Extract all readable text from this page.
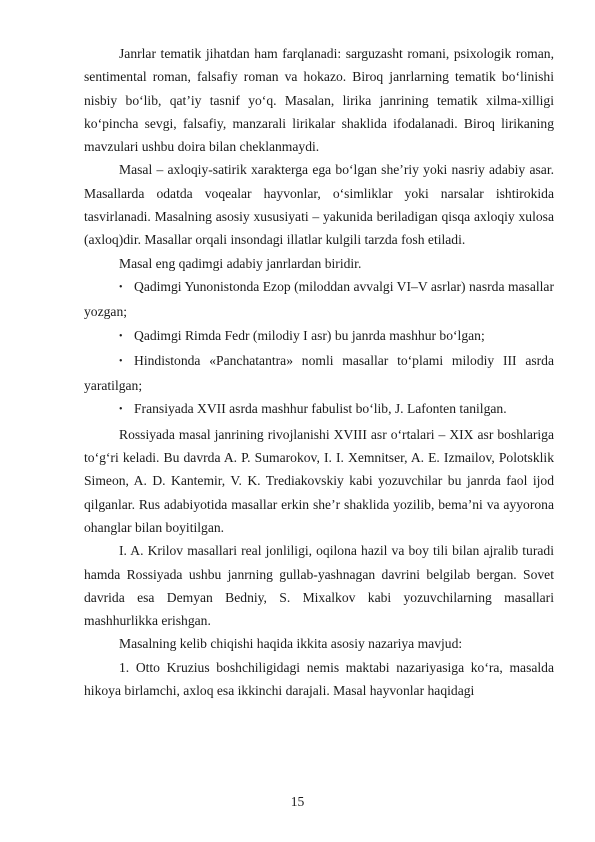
Janrlar tematik jihatdan ham farqlanadi: sarguzasht romani, psixologik roman, sentimental roman, falsafiy roman va hokazo. Biroq janrlarning tematik bo‘linishi nisbiy bo‘lib, qat’iy tasnif yo‘q. Masalan, lirika janrining tematik xilma-xilligi ko‘pincha sevgi, falsafiy, manzarali lirikalar shaklida ifodalanadi. Biroq lirikaning mavzulari ushbu doira bilan cheklanmaydi.

Masal – axloqiy-satirik xarakterga ega bo‘lgan she’riy yoki nasriy adabiy asar. Masallarda odatda voqealar hayvonlar, o‘simliklar yoki narsalar ishtirokida tasvirlanadi. Masalning asosiy xususiyati – yakunida beriladigan qisqa axloqiy xulosa (axloq)dir. Masallar orqali insondagi illatlar kulgili tarzda fosh etiladi.

Masal eng qadimgi adabiy janrlardan biridir.

•Qadimgi Yunonistonda Ezop (miloddan avvalgi VI–V asrlar) nasrda masallar yozgan;

•Qadimgi Rimda Fedr (milodiy I asr) bu janrda mashhur bo‘lgan;

•Hindistonda «Panchatantra» nomli masallar to‘plami milodiy III asrda yaratilgan;

•Fransiyada XVII asrda mashhur fabulist bo‘lib, J. Lafonten tanilgan.

Rossiyada masal janrining rivojlanishi XVIII asr o‘rtalari – XIX asr boshlariga to‘g‘ri keladi. Bu davrda A. P. Sumarokov, I. I. Xemnitser, A. E. Izmailov, Polotsklik Simeon, A. D. Kantemir, V. K. Trediakovskiy kabi yozuvchilar bu janrda faol ijod qilganlar. Rus adabiyotida masallar erkin she’r shaklida yozilib, bema’ni va ayyorona ohanglar bilan boyitilgan.

I. A. Krilov masallari real jonliligi, oqilona hazil va boy tili bilan ajralib turadi hamda Rossiyada ushbu janrning gullab-yashnagan davrini belgilab bergan. Sovet davrida esa Demyan Bedniy, S. Mixalkov kabi yozuvchilarning masallari mashhurlikka erishgan.

Masalning kelib chiqishi haqida ikkita asosiy nazariya mavjud:

1. Otto Kruzius boshchiligidagi nemis maktabi nazariyasiga ko‘ra, masalda hikoya birlamchi, axloq esa ikkinchi darajali. Masal hayvonlar haqidagi

15
